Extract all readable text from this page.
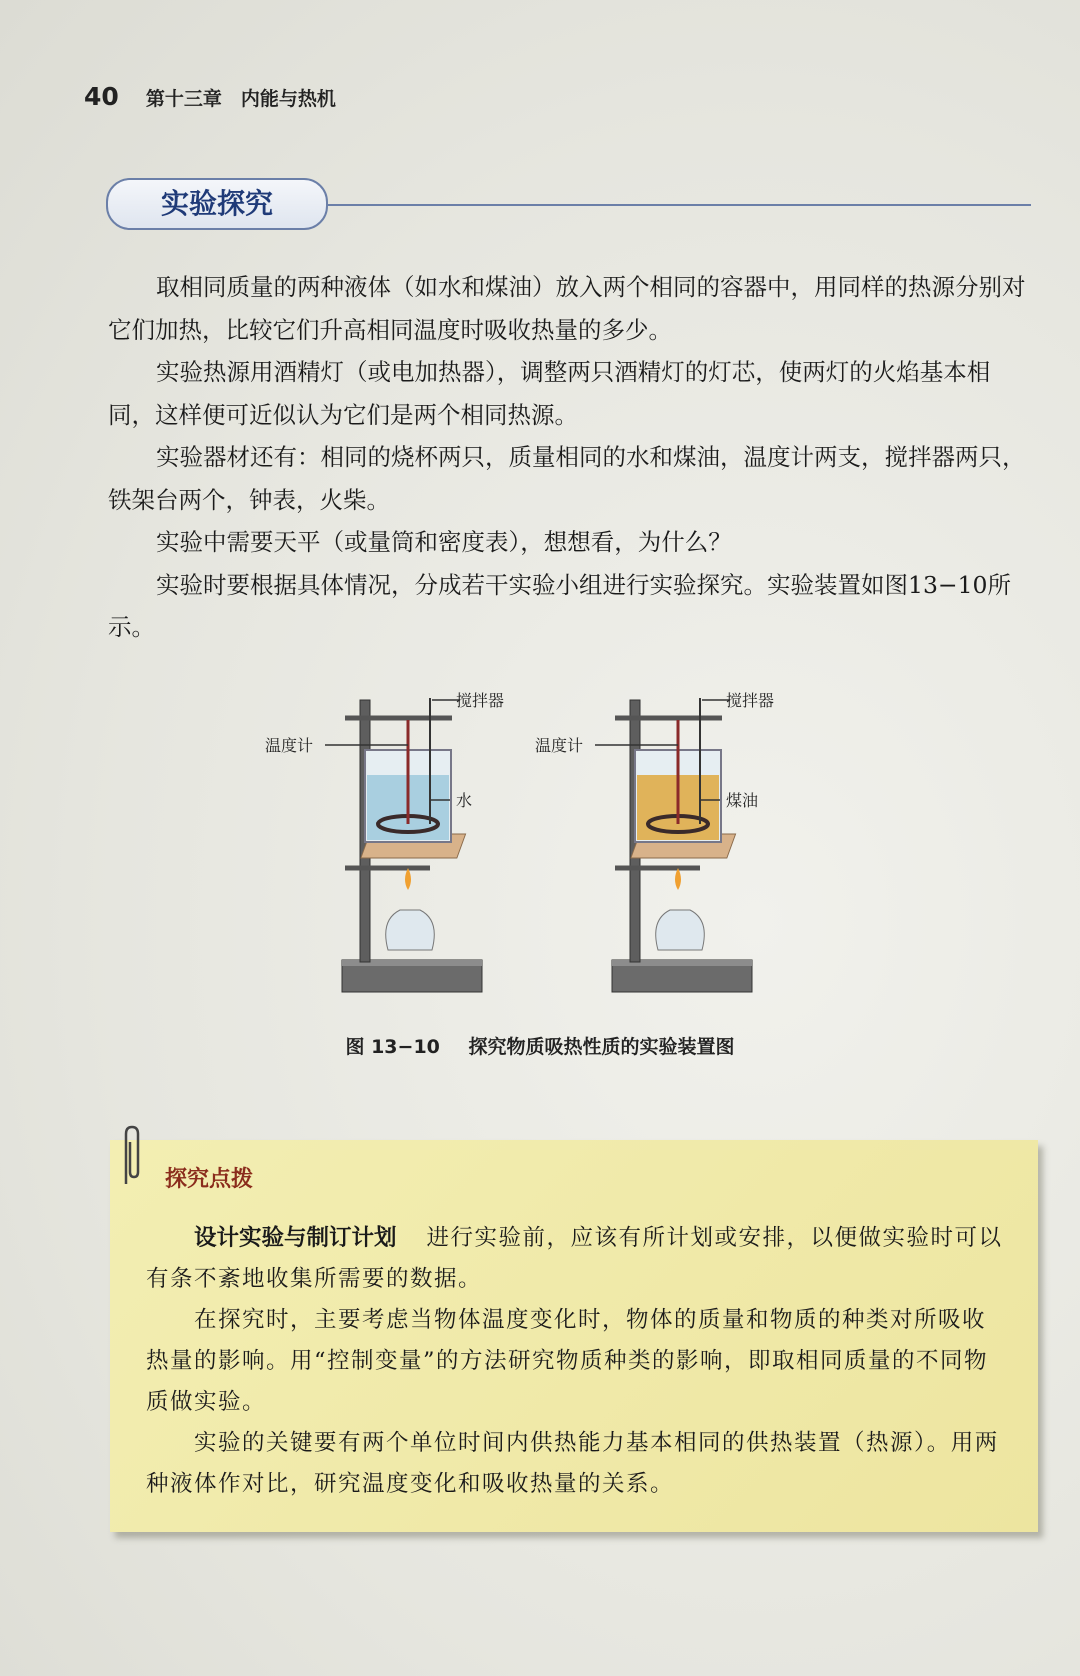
40 第十三章　内能与热机
实验探究

取相同质量的两种液体（如水和煤油）放入两个相同的容器中，用同样的热源分别对它们加热，比较它们升高相同温度时吸收热量的多少。

实验热源用酒精灯（或电加热器），调整两只酒精灯的灯芯，使两灯的火焰基本相同，这样便可近似认为它们是两个相同热源。

实验器材还有：相同的烧杯两只，质量相同的水和煤油，温度计两支，搅拌器两只，铁架台两个，钟表，火柴。

实验中需要天平（或量筒和密度表），想想看，为什么？

实验时要根据具体情况，分成若干实验小组进行实验探究。实验装置如图13−10所示。

搅拌器
温度计
水
搅拌器
温度计
煤油
图 13−10 探究物质吸热性质的实验装置图
探究点拨

设计实验与制订计划 进行实验前，应该有所计划或安排，以便做实验时可以有条不紊地收集所需要的数据。

在探究时，主要考虑当物体温度变化时，物体的质量和物质的种类对所吸收热量的影响。用“控制变量”的方法研究物质种类的影响，即取相同质量的不同物质做实验。

实验的关键要有两个单位时间内供热能力基本相同的供热装置（热源）。用两种液体作对比，研究温度变化和吸收热量的关系。
